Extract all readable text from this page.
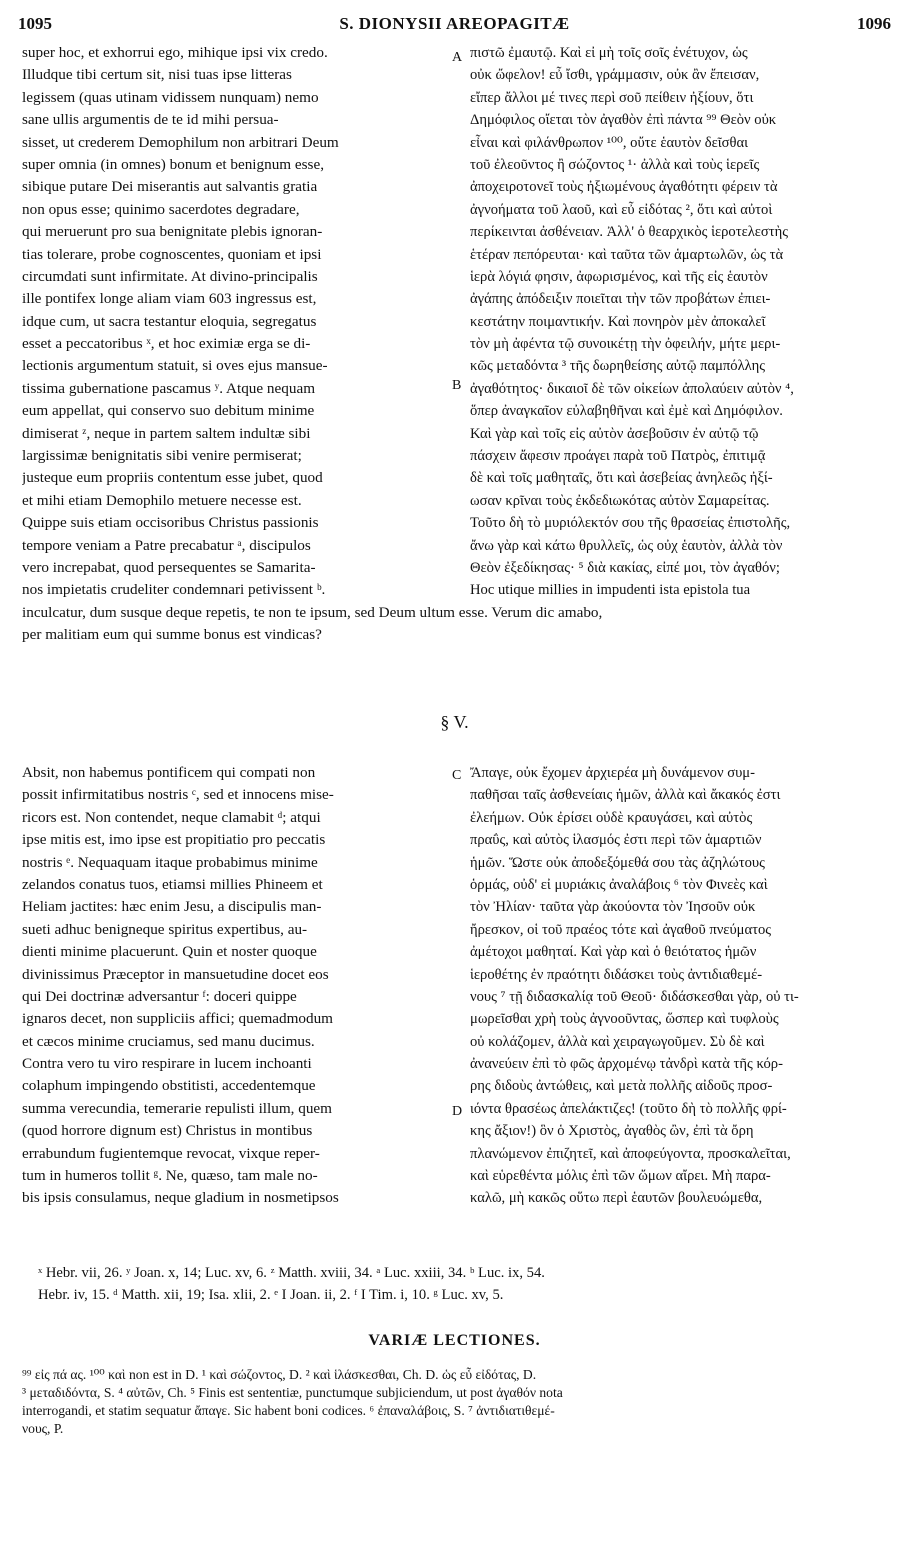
1095	S. DIONYSII AREOPAGITÆ	1096
super hoc, et exhorrui ego, mihique ipsi vix credo.
Illudque tibi certum sit, nisi tuas ipse litteras
legissem (quas utinam vidissem nunquam) nemo
sane ullis argumentis de te id mihi persua-
sisset, ut crederem Demophilum non arbitrari Deum
super omnia (in omnes) bonum et benignum esse,
sibique putare Dei miserantis aut salvantis gratia
non opus esse; quinimo sacerdotes degradare,
qui meruerunt pro sua benignitate plebis ignoran-
tias tolerare, probe cognoscentes, quoniam et ipsi
circumdati sunt infirmitate. At divino-principalis
ille pontifex longe aliam viam 603 ingressus est,
idque cum, ut sacra testantur eloquia, segregatus
esset a peccatoribus ˣ, et hoc eximiæ erga se di-
lectionis argumentum statuit, si oves ejus mansue-
tissima gubernatione pascamus ʸ. Atque nequam
eum appellat, qui conservo suo debitum minime
dimiserat ᶻ, neque in partem saltem indultæ sibi
largissimæ benignitatis sibi venire permiserat;
justeque eum propriis contentum esse jubet, quod
et mihi etiam Demophilo metuere necesse est.
Quippe suis etiam occisoribus Christus passionis
tempore veniam a Patre precabatur ᵃ, discipulos
vero increpabat, quod persequentes se Samarita-
nos impietatis crudeliter condemnari petivissent ᵇ.
A
B
πιστῶ ἐμαυτῷ. Καὶ εἰ μὴ τοῖς σοῖς ἐνέτυχον, ὡς
οὐκ ὤφελον! εὖ ἴσθι, γράμμασιν, οὐκ ἂν ἔπεισαν,
εἴπερ ἄλλοι μέ τινες περὶ σοῦ πείθειν ἠξίουν, ὅτι
Δημόφιλος οἴεται τὸν ἀγαθὸν ἐπὶ πάντα ⁹⁹ Θεὸν οὐκ
εἶναι καὶ φιλάνθρωπον ¹⁰⁰, οὔτε ἑαυτὸν δεῖσθαι
τοῦ ἐλεοῦντος ἢ σώζοντος ¹· ἀλλὰ καὶ τοὺς ἱερεῖς
ἀποχειροτονεῖ τοὺς ἠξιωμένους ἀγαθότητι φέρειν τὰ
ἀγνοήματα τοῦ λαοῦ, καὶ εὖ εἰδότας ², ὅτι καὶ αὐτοὶ
περίκεινται ἀσθένειαν. Ἀλλ' ὁ θεαρχικὸς ἱεροτελεστὴς
ἑτέραν πεπόρευται· καὶ ταῦτα τῶν ἁμαρτωλῶν, ὡς τὰ
ἱερὰ λόγιά φησιν, ἀφωρισμένος, καὶ τῆς εἰς ἑαυτὸν
ἀγάπης ἀπόδειξιν ποιεῖται τὴν τῶν προβάτων ἐπιει-
κεστάτην ποιμαντικήν. Καὶ πονηρὸν μὲν ἀποκαλεῖ
τὸν μὴ ἀφέντα τῷ συνοικέτῃ τὴν ὀφειλήν, μήτε μερι-
κῶς μεταδόντα ³ τῆς δωρηθείσης αὐτῷ παμπόλλης
ἀγαθότητος· δικαιοῖ δὲ τῶν οἰκείων ἀπολαύειν αὐτὸν ⁴,
ὅπερ ἀναγκαῖον εὐλαβηθῆναι καὶ ἐμὲ καὶ Δημόφιλον.
Καὶ γὰρ καὶ τοῖς εἰς αὐτὸν ἀσεβοῦσιν ἐν αὐτῷ τῷ
πάσχειν ἄφεσιν προάγει παρὰ τοῦ Πατρὸς, ἐπιτιμᾷ
δὲ καὶ τοῖς μαθηταῖς, ὅτι καὶ ἀσεβείας ἀνηλεῶς ἠξί-
ωσαν κρῖναι τοὺς ἐκδεδιωκότας αὐτὸν Σαμαρείτας.
Τοῦτο δὴ τὸ μυριόλεκτόν σου τῆς θρασείας ἐπιστολῆς,
ἄνω γὰρ καὶ κάτω θρυλλεῖς, ὡς οὐχ ἑαυτὸν, ἀλλὰ τὸν
Θεὸν ἐξεδίκησας· ⁵ διὰ κακίας, εἰπέ μοι, τὸν ἀγαθόν;
Hoc utique millies in impudenti ista epistola tua
inculcatur, dum susque deque repetis, te non te ipsum, sed Deum ultum esse. Verum dic amabo,
per malitiam eum qui summe bonus est vindicas?
§ V.
Absit, non habemus pontificem qui compati non
possit infirmitatibus nostris ᶜ, sed et innocens mise-
ricors est. Non contendet, neque clamabit ᵈ; atqui
ipse mitis est, imo ipse est propitiatio pro peccatis
nostris ᵉ. Nequaquam itaque probabimus minime
zelandos conatus tuos, etiamsi millies Phineem et
Heliam jactites: hæc enim Jesu, a discipulis man-
sueti adhuc benigneque spiritus expertibus, au-
dienti minime placuerunt. Quin et noster quoque
divinissimus Præceptor in mansuetudine docet eos
qui Dei doctrinæ adversantur ᶠ: doceri quippe
ignaros decet, non suppliciis affici; quemadmodum
et cæcos minime cruciamus, sed manu ducimus.
Contra vero tu viro respirare in lucem inchoanti
colaphum impingendo obstitisti, accedentemque
summa verecundia, temerarie repulisti illum, quem
(quod horrore dignum est) Christus in montibus
errabundum fugientemque revocat, vixque reper-
tum in humeros tollit ᵍ. Ne, quæso, tam male no-
bis ipsis consulamus, neque gladium in nosmetipsos
C
D
Ἄπαγε, οὐκ ἔχομεν ἀρχιερέα μὴ δυνάμενον συμ-
παθῆσαι ταῖς ἀσθενείαις ἡμῶν, ἀλλὰ καὶ ἄκακός ἐστι
ἐλεήμων. Οὐκ ἐρίσει οὐδὲ κραυγάσει, καὶ αὐτὸς
πραΰς, καὶ αὐτὸς ἱλασμός ἐστι περὶ τῶν ἁμαρτιῶν
ἡμῶν. Ὥστε οὐκ ἀποδεξόμεθά σου τὰς ἀζηλώτους
ὁρμάς, οὐδ' εἰ μυριάκις ἀναλάβοις ⁶ τὸν Φινεὲς καὶ
τὸν Ἠλίαν· ταῦτα γὰρ ἀκούοντα τὸν Ἰησοῦν οὐκ
ἤρεσκον, οἱ τοῦ πραέος τότε καὶ ἀγαθοῦ πνεύματος
ἀμέτοχοι μαθηταί. Καὶ γὰρ καὶ ὁ θειότατος ἡμῶν
ἱεροθέτης ἐν πραότητι διδάσκει τοὺς ἀντιδιαθεμέ-
νους ⁷ τῇ διδασκαλίᾳ τοῦ Θεοῦ· διδάσκεσθαι γὰρ, οὐ τι-
μωρεῖσθαι χρὴ τοὺς ἀγνοοῦντας, ὥσπερ καὶ τυφλοὺς
οὐ κολάζομεν, ἀλλὰ καὶ χειραγωγοῦμεν. Σὺ δὲ καὶ
ἀνανεύειν ἐπὶ τὸ φῶς ἀρχομένῳ τἀνδρὶ κατὰ τῆς κόρ-
ρης διδοὺς ἀντώθεις, καὶ μετὰ πολλῆς αἰδοῦς προσ-
ιόντα θρασέως ἀπελάκτιζες! (τοῦτο δὴ τὸ πολλῆς φρί-
κης ἄξιον!) ὃν ὁ Χριστὸς, ἀγαθὸς ὢν, ἐπὶ τὰ ὄρη
πλανώμενον ἐπιζητεῖ, καὶ ἀποφεύγοντα, προσκαλεῖται,
καὶ εὑρεθέντα μόλις ἐπὶ τῶν ὤμων αἴρει. Μὴ παρα-
καλῶ, μὴ κακῶς οὕτω περὶ ἑαυτῶν βουλευώμεθα,
ˣ Hebr. vii, 26. ʸ Joan. x, 14; Luc. xv, 6. ᶻ Matth. xviii, 34. ᵃ Luc. xxiii, 34. ᵇ Luc. ix, 54.
Hebr. iv, 15. ᵈ Matth. xii, 19; Isa. xlii, 2. ᵉ I Joan. ii, 2. ᶠ I Tim. i, 10. ᵍ Luc. xv, 5.
VARIÆ LECTIONES.
⁹⁹ εἰς πά ας. ¹⁰⁰ καὶ non est in D. ¹ καὶ σώζοντος, D. ² καὶ ἱλάσκεσθαι, Ch. D. ὡς εὖ εἰδότας, D.
³ μεταδιδόντα, S. ⁴ αὐτῶν, Ch. ⁵ Finis est sententiæ, punctumque subjiciendum, ut post ἀγαθόν nota
interrogandi, et statim sequatur ἄπαγε. Sic habent boni codices. ⁶ ἐπαναλάβοις, S. ⁷ ἀντιδιατιθεμέ-
νους, P.
